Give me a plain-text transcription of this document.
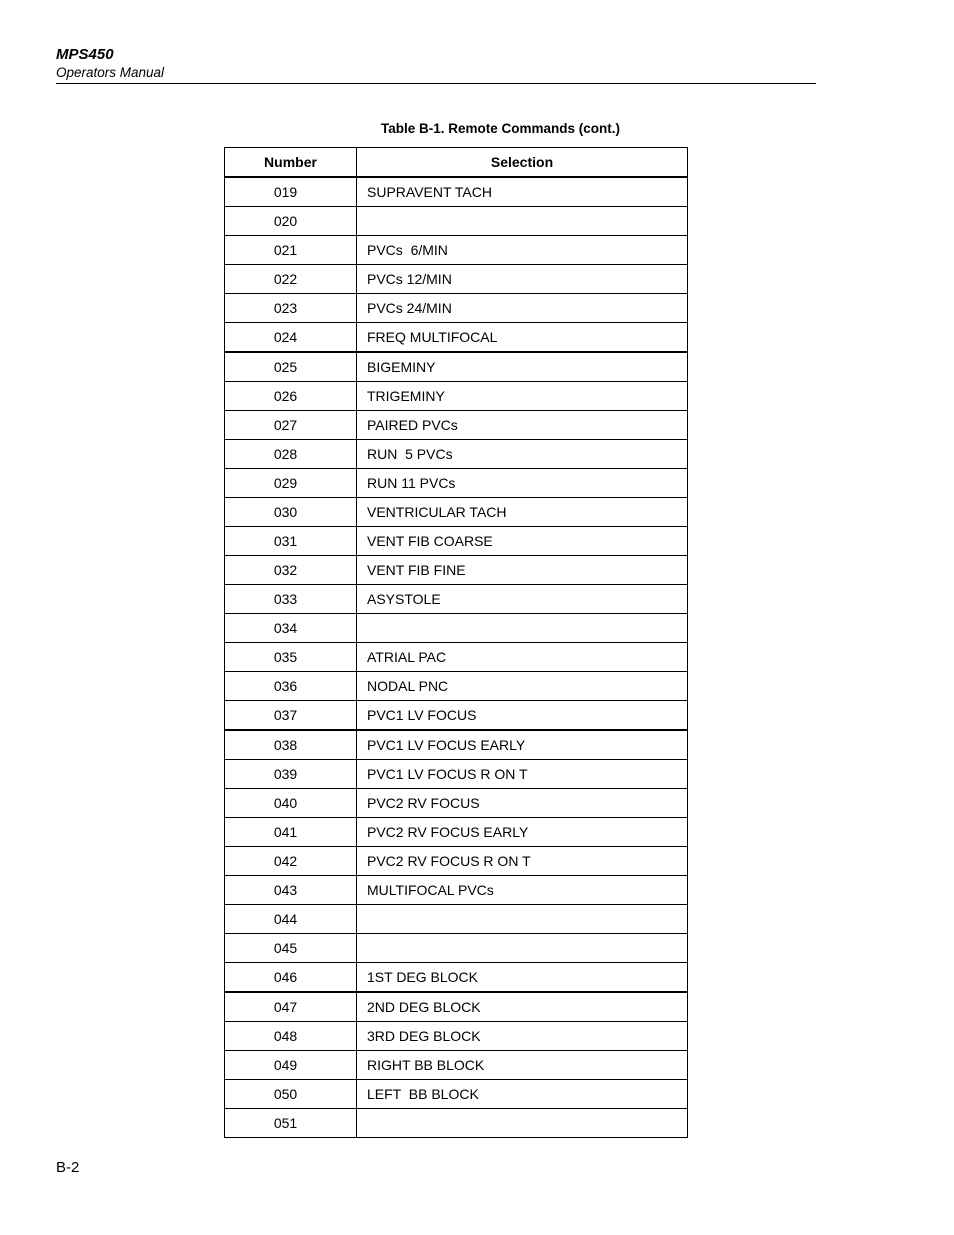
MPS450
Operators Manual
Table B-1. Remote Commands (cont.)
Number	Selection
019	SUPRAVENT TACH
020	
021	PVCs  6/MIN
022	PVCs 12/MIN
023	PVCs 24/MIN
024	FREQ MULTIFOCAL
025	BIGEMINY
026	TRIGEMINY
027	PAIRED PVCs
028	RUN  5 PVCs
029	RUN 11 PVCs
030	VENTRICULAR TACH
031	VENT FIB COARSE
032	VENT FIB FINE
033	ASYSTOLE
034	
035	ATRIAL PAC
036	NODAL PNC
037	PVC1 LV FOCUS
038	PVC1 LV FOCUS EARLY
039	PVC1 LV FOCUS R ON T
040	PVC2 RV FOCUS
041	PVC2 RV FOCUS EARLY
042	PVC2 RV FOCUS R ON T
043	MULTIFOCAL PVCs
044	
045	
046	1ST DEG BLOCK
047	2ND DEG BLOCK
048	3RD DEG BLOCK
049	RIGHT BB BLOCK
050	LEFT  BB BLOCK
051	
B-2
